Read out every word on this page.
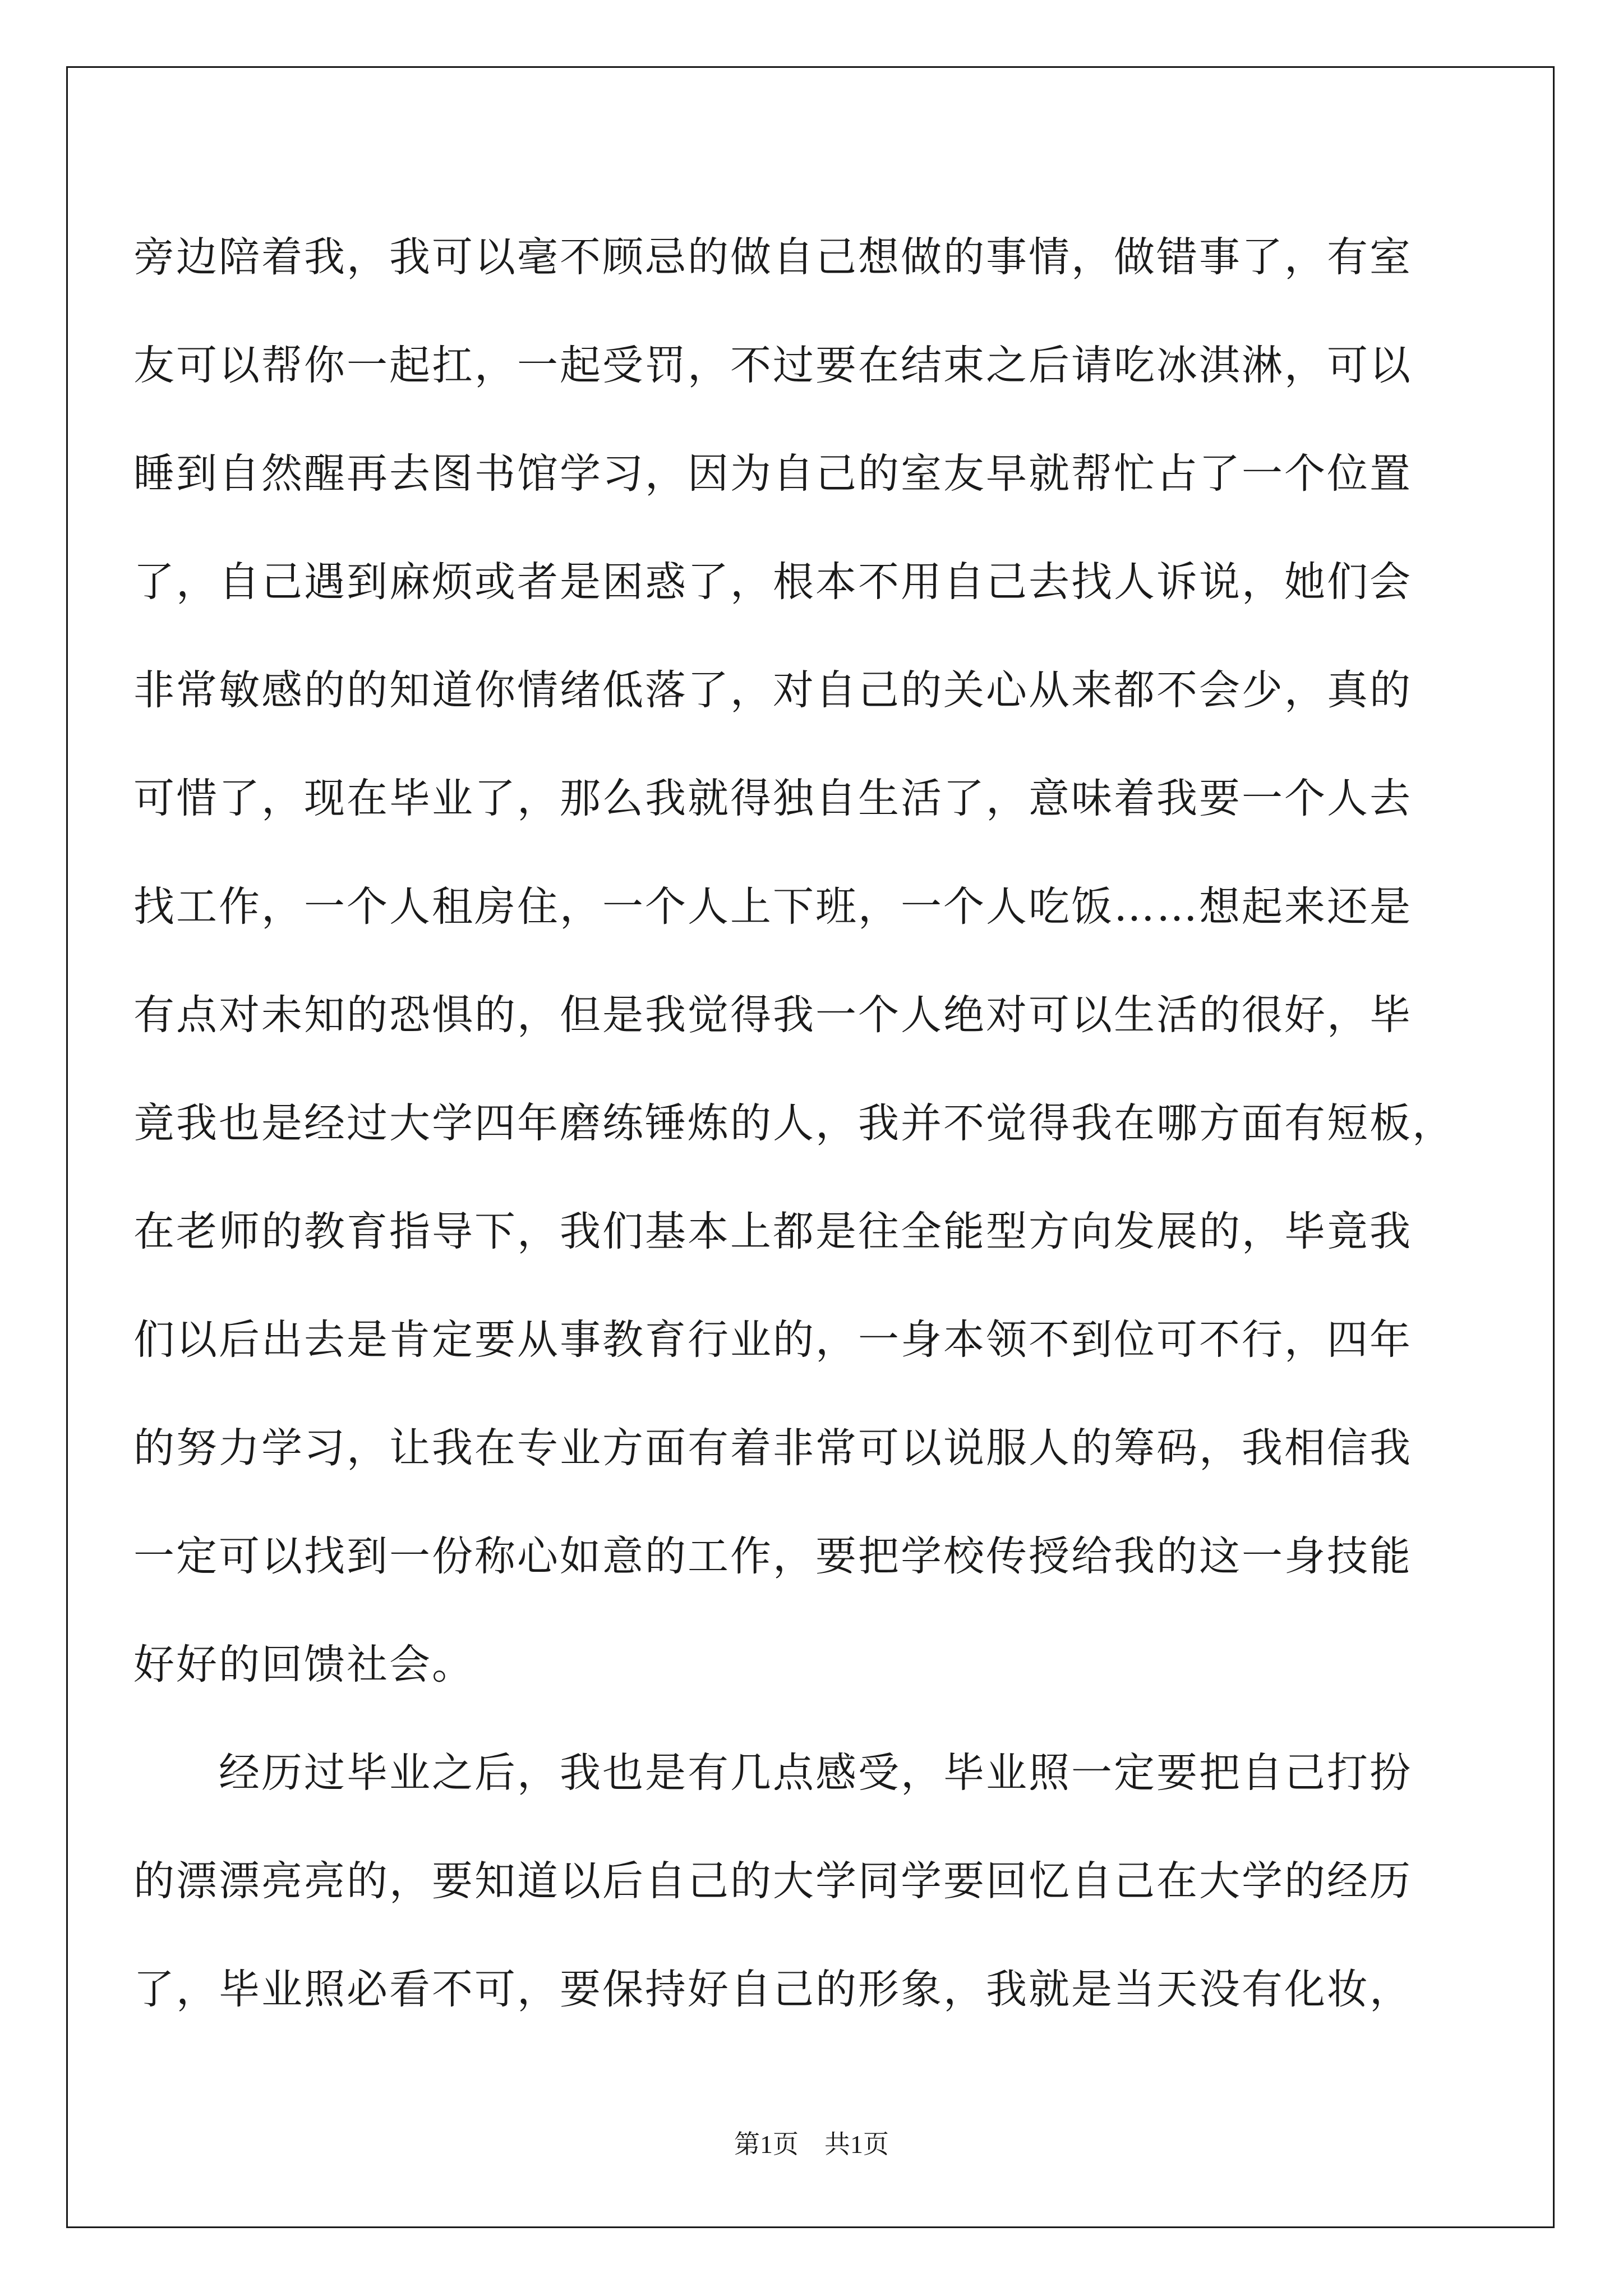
旁边陪着我，我可以毫不顾忌的做自己想做的事情，做错事了，有室
友可以帮你一起扛，一起受罚，不过要在结束之后请吃冰淇淋，可以
睡到自然醒再去图书馆学习，因为自己的室友早就帮忙占了一个位置
了，自己遇到麻烦或者是困惑了，根本不用自己去找人诉说，她们会
非常敏感的的知道你情绪低落了，对自己的关心从来都不会少，真的
可惜了，现在毕业了，那么我就得独自生活了，意味着我要一个人去
找工作，一个人租房住，一个人上下班，一个人吃饭……想起来还是
有点对未知的恐惧的，但是我觉得我一个人绝对可以生活的很好，毕
竟我也是经过大学四年磨练锤炼的人，我并不觉得我在哪方面有短板，
在老师的教育指导下，我们基本上都是往全能型方向发展的，毕竟我
们以后出去是肯定要从事教育行业的，一身本领不到位可不行，四年
的努力学习，让我在专业方面有着非常可以说服人的筹码，我相信我
一定可以找到一份称心如意的工作，要把学校传授给我的这一身技能
好好的回馈社会。
　　经历过毕业之后，我也是有几点感受，毕业照一定要把自己打扮
的漂漂亮亮的，要知道以后自己的大学同学要回忆自己在大学的经历
了，毕业照必看不可，要保持好自己的形象，我就是当天没有化妆，
第1页　共1页
